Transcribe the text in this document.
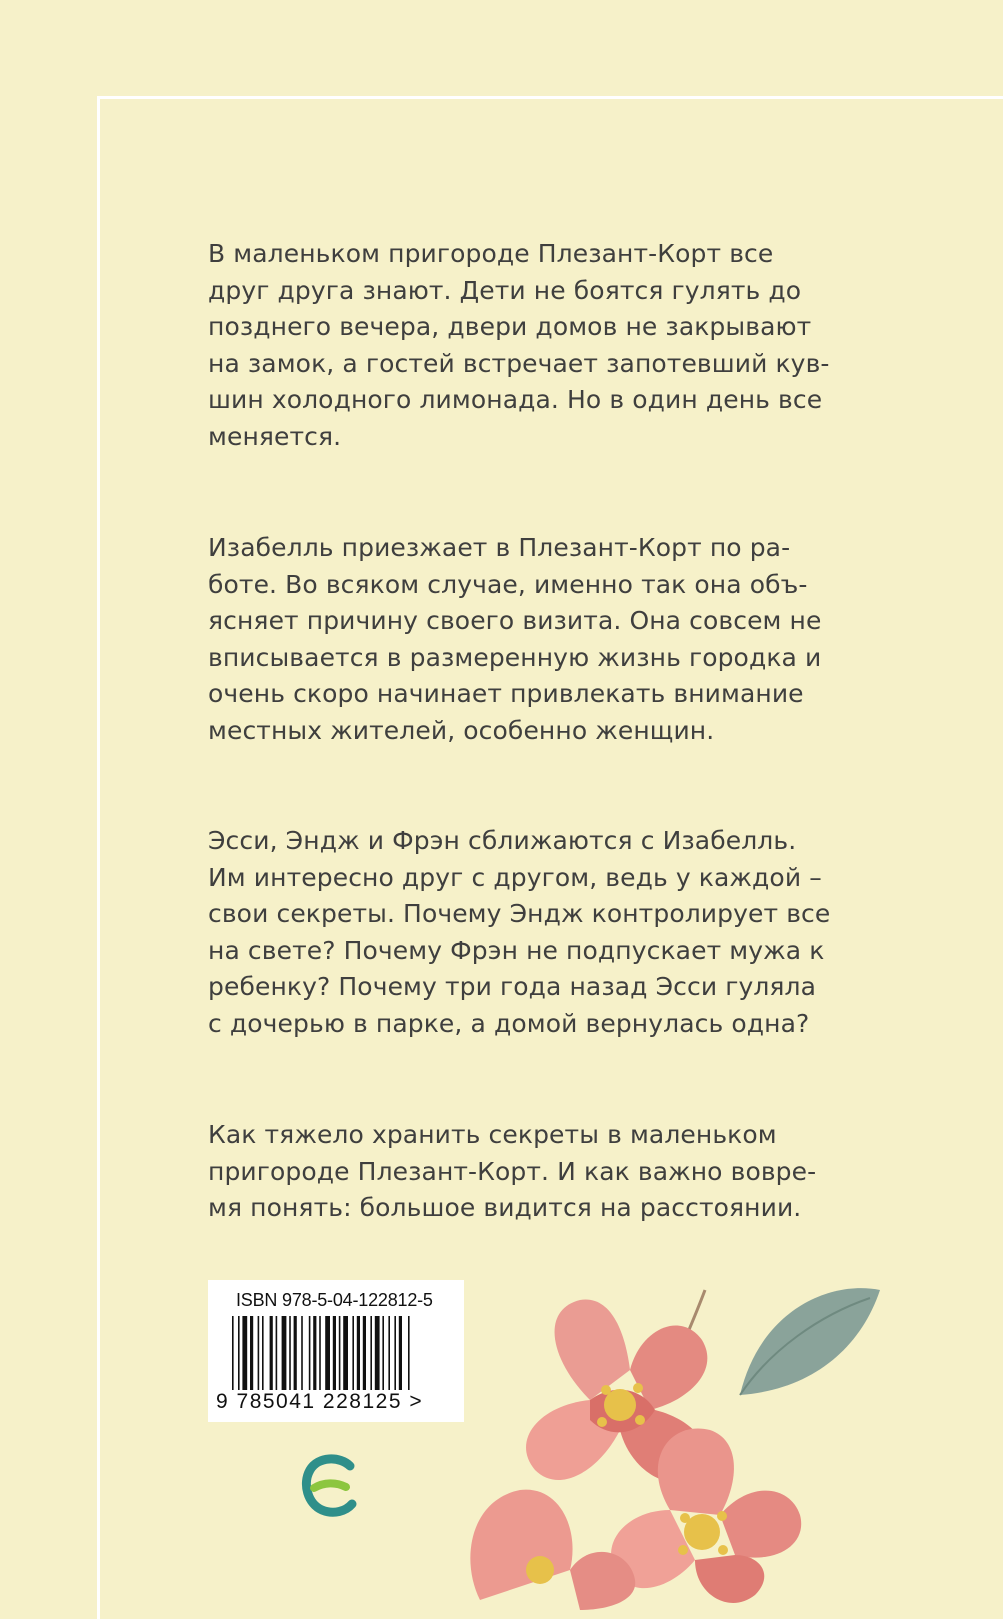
В маленьком пригороде Плезант-Корт все
друг друга знают. Дети не боятся гулять до
позднего вечера, двери домов не закрывают
на замок, а гостей встречает запотевший кув-
шин холодного лимонада. Но в один день все
меняется.
Изабелль приезжает в Плезант-Корт по ра-
боте. Во всяком случае, именно так она объ-
ясняет причину своего визита. Она совсем не
вписывается в размеренную жизнь городка и
очень скоро начинает привлекать внимание
местных жителей, особенно женщин.
Эсси, Эндж и Фрэн сближаются с Изабелль.
Им интересно друг с другом, ведь у каждой –
свои секреты. Почему Эндж контролирует все
на свете? Почему Фрэн не подпускает мужа к
ребенку? Почему три года назад Эсси гуляла
с дочерью в парке, а домой вернулась одна?
Как тяжело хранить секреты в маленьком
пригороде Плезант-Корт. И как важно вовре-
мя понять: большое видится на расстоянии.
ISBN 978-5-04-122812-5
9 785041 228125 >
